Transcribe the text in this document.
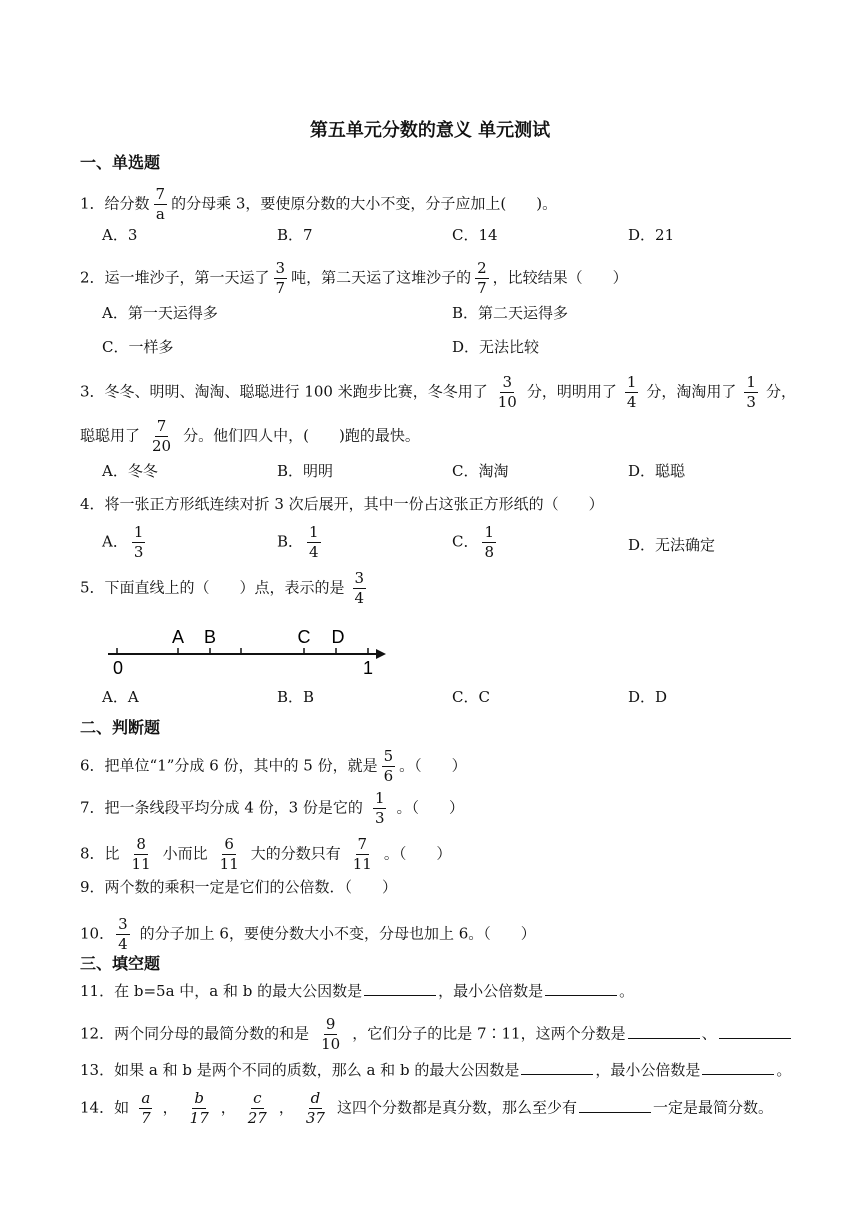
第五单元分数的意义 单元测试
一、单选题
1．给分数 $\frac{7}{a}$ 的分母乘 3，要使原分数的大小不变，分子应加上(　　)。
A．3	B．7	C．14	D．21
2．运一堆沙子，第一天运了 $\frac{3}{7}$ 吨，第二天运了这堆沙子的 $\frac{2}{7}$ ，比较结果（　　）
A．第一天运得多	B．第二天运得多
C．一样多	D．无法比较
3．冬冬、明明、淘淘、聪聪进行 100 米跑步比赛，冬冬用了 $\frac{3}{10}$ 分，明明用了 $\frac{1}{4}$ 分，淘淘用了 $\frac{1}{3}$ 分，
聪聪用了 $\frac{7}{20}$ 分。他们四人中，(　　)跑的最快。
A．冬冬	B．明明	C．淘淘	D．聪聪
4．将一张正方形纸连续对折 3 次后展开，其中一份占这张正方形纸的（　　）
A． $\frac{1}{3}$	B． $\frac{1}{4}$	C． $\frac{1}{8}$	D．无法确定
5．下面直线上的（　　）点，表示的是 $\frac{3}{4}$
A B	C D
0	1
A．A	B．B	C．C	D．D
二、判断题
6．把单位“1”分成 6 份，其中的 5 份，就是 $\frac{5}{6}$ 。（　　）
7．把一条线段平均分成 4 份，3 份是它的 $\frac{1}{3}$ 。（　　）
8．比 $\frac{8}{11}$ 小而比 $\frac{6}{11}$ 大的分数只有 $\frac{7}{11}$ 。（　　）
9．两个数的乘积一定是它们的公倍数．（　　）
10． $\frac{3}{4}$ 的分子加上 6，要使分数大小不变，分母也加上 6。（　　）
三、填空题
11．在 b=5a 中，a 和 b 的最大公因数是	，最小公倍数是	。
12．两个同分母的最简分数的和是 $\frac{9}{10}$ ，它们分子的比是 7∶11，这两个分数是	、
13．如果 a 和 b 是两个不同的质数，那么 a 和 b 的最大公因数是	，最小公倍数是	。
14．如 $\frac{a}{7}$ ， $\frac{b}{17}$ ， $\frac{c}{27}$ ， $\frac{d}{37}$ 这四个分数都是真分数，那么至少有	一定是最简分数。
